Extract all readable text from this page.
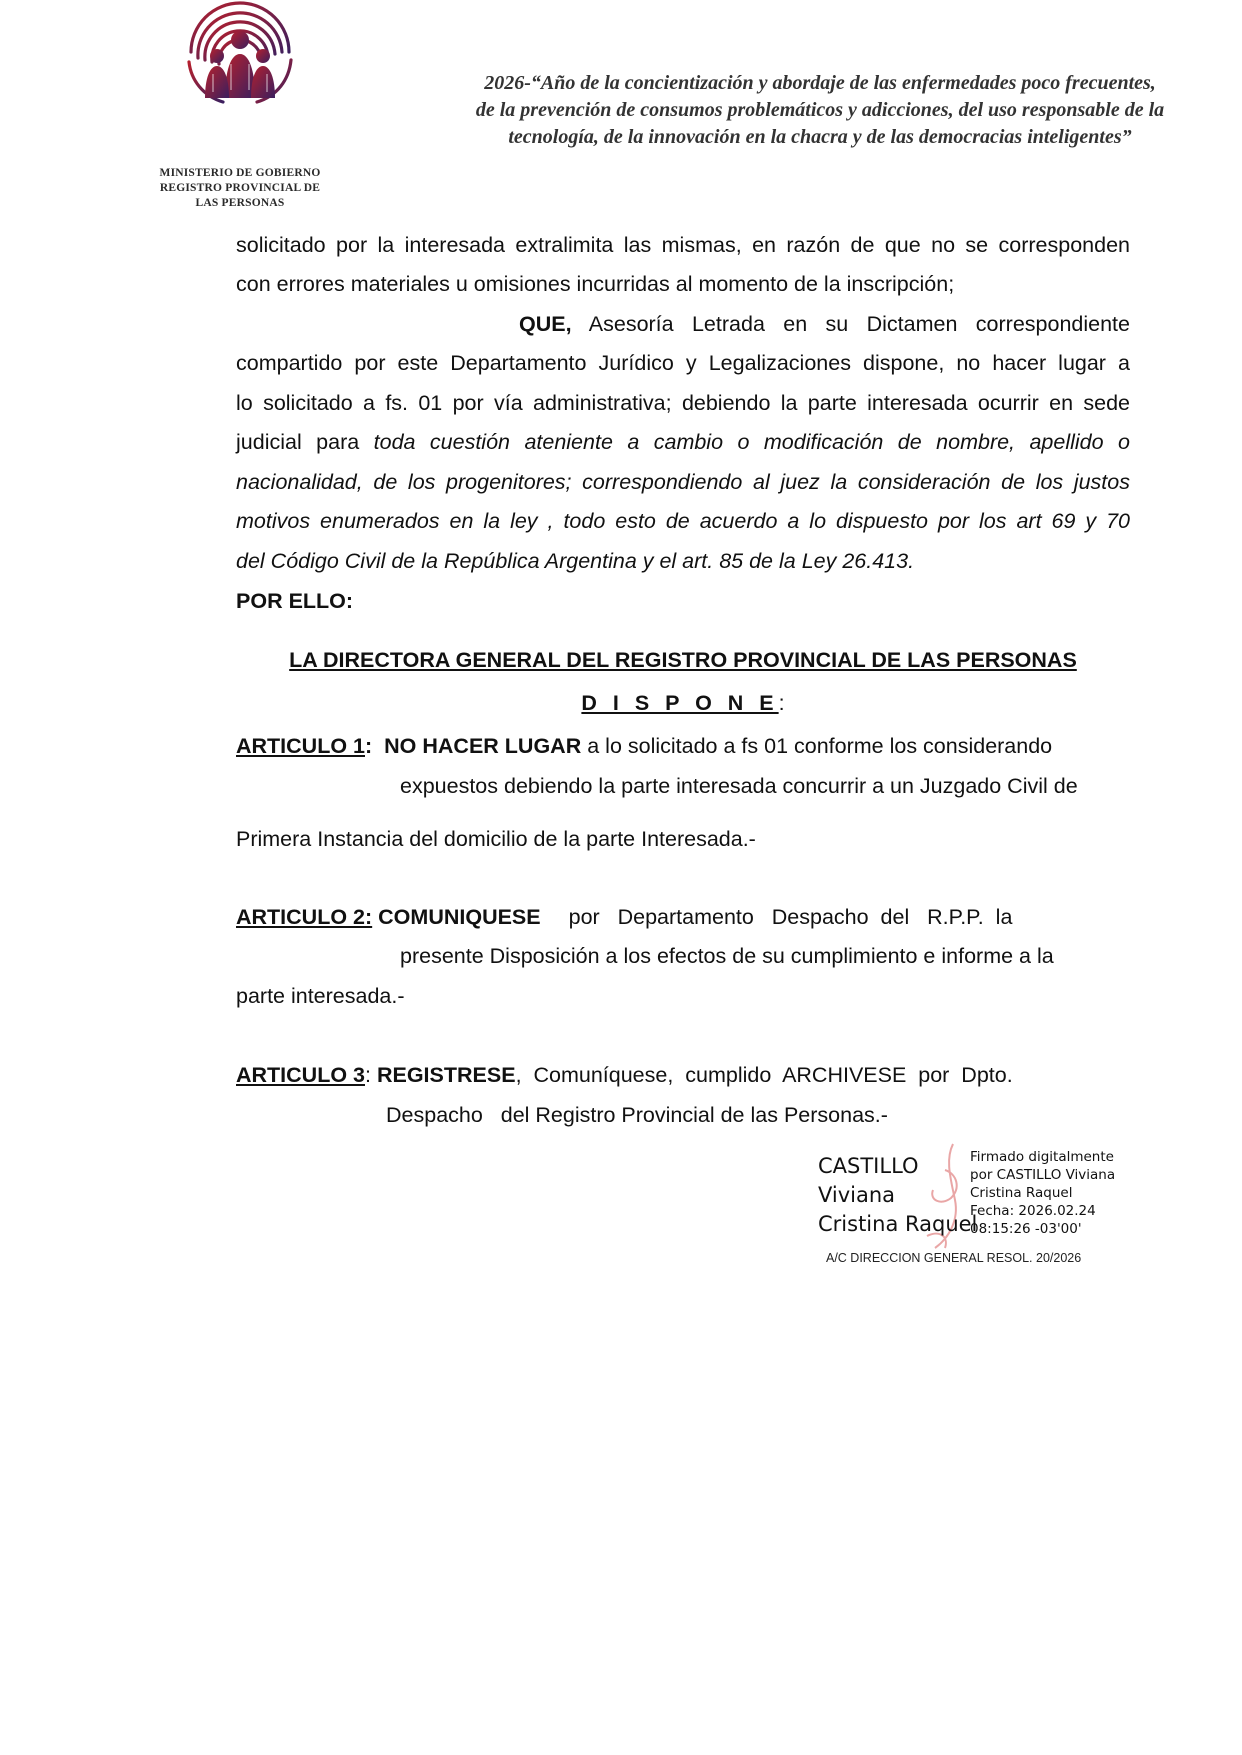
MINISTERIO DE GOBIERNO
REGISTRO PROVINCIAL DE
LAS PERSONAS
2026-“Año de la concientización y abordaje de las enfermedades poco frecuentes,
de la prevención de consumos problemáticos y adicciones, del uso responsable de la
tecnología, de la innovación en la chacra y de las democracias inteligentes”
solicitado por la interesada extralimita las mismas, en razón de que no se corresponden
con errores materiales u omisiones incurridas al momento de la inscripción;
QUE, Asesoría Letrada en su Dictamen correspondiente
compartido por este Departamento Jurídico y Legalizaciones dispone, no hacer lugar a
lo solicitado a fs. 01 por vía administrativa; debiendo la parte interesada ocurrir en sede
judicial para toda cuestión ateniente a cambio o modificación de nombre, apellido o
nacionalidad, de los progenitores; correspondiendo al juez la consideración de los justos
motivos enumerados en la ley , todo esto de acuerdo a lo dispuesto por los art 69 y 70
del Código Civil de la República Argentina y el art. 85 de la Ley 26.413.
POR ELLO:
LA DIRECTORA GENERAL DEL REGISTRO PROVINCIAL DE LAS PERSONAS
D I S P O N E:
ARTICULO 1: NO HACER LUGAR a lo solicitado a fs 01 conforme los considerando
expuestos debiendo la parte interesada concurrir a un Juzgado Civil de
Primera Instancia del domicilio de la parte Interesada.-
ARTICULO 2: COMUNIQUESE por   Departamento   Despacho  del   R.P.P.  la
presente Disposición a los efectos de su cumplimiento e informe a la
parte interesada.-
ARTICULO 3: REGISTRESE,  Comuníquese,  cumplido  ARCHIVESE  por  Dpto.
Despacho   del Registro Provincial de las Personas.-
CASTILLO
Viviana
Cristina Raquel
Firmado digitalmente
por CASTILLO Viviana
Cristina Raquel
Fecha: 2026.02.24
08:15:26 -03'00'
A/C DIRECCION GENERAL RESOL. 20/2026
